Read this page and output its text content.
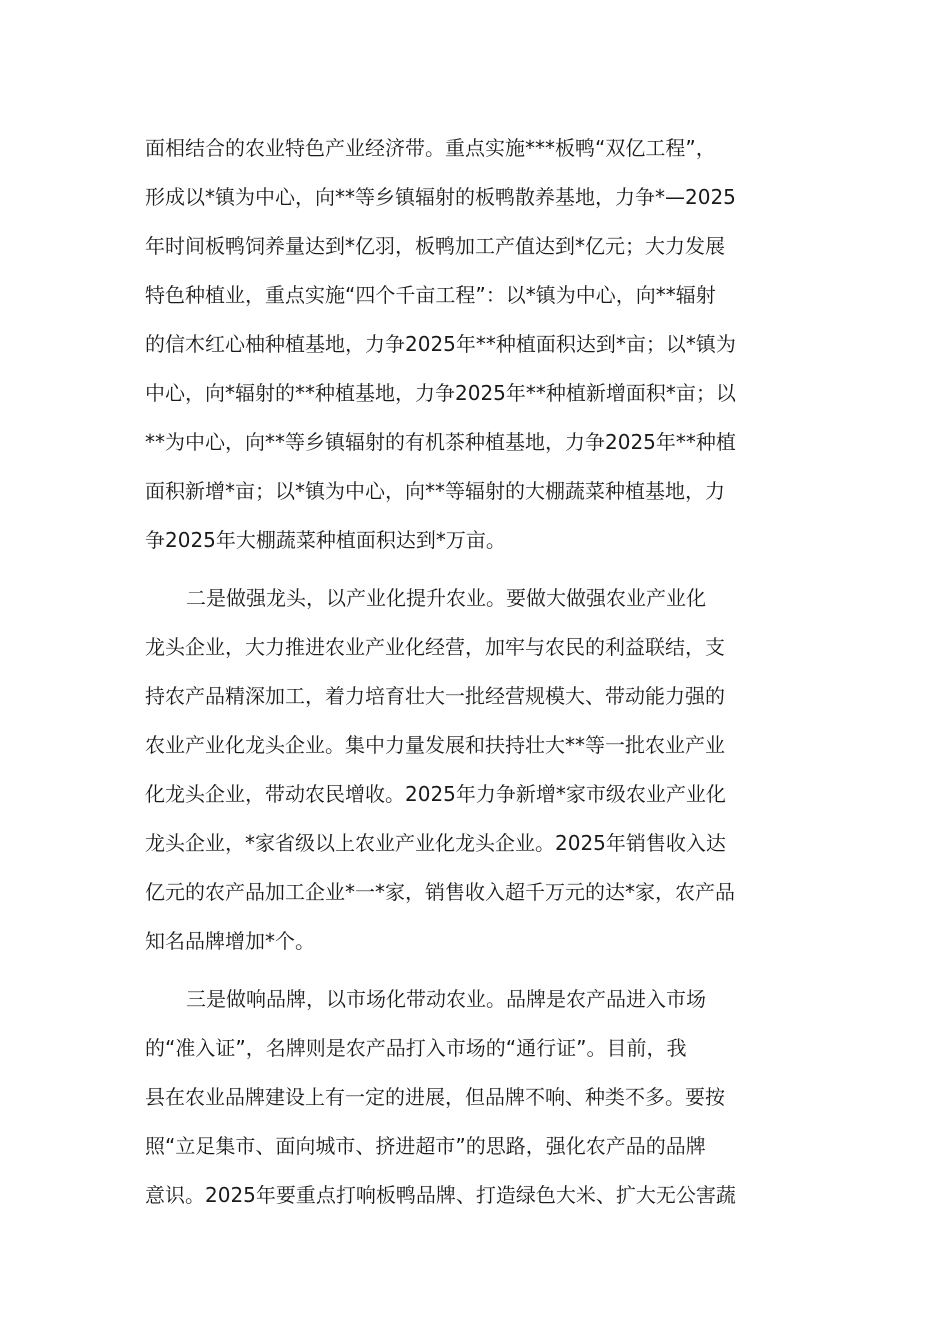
面相结合的农业特色产业经济带。重点实施***板鸭“双亿工程”，
形成以*镇为中心，向**等乡镇辐射的板鸭散养基地，力争*—2025
年时间板鸭饲养量达到*亿羽，板鸭加工产值达到*亿元；大力发展
特色种植业，重点实施“四个千亩工程”：以*镇为中心，向**辐射
的信木红心柚种植基地，力争2025年**种植面积达到*亩；以*镇为
中心，向*辐射的**种植基地，力争2025年**种植新增面积*亩；以
**为中心，向**等乡镇辐射的有机茶种植基地，力争2025年**种植
面积新增*亩；以*镇为中心，向**等辐射的大棚蔬菜种植基地，力
争2025年大棚蔬菜种植面积达到*万亩。
二是做强龙头，以产业化提升农业。要做大做强农业产业化
龙头企业，大力推进农业产业化经营，加牢与农民的利益联结，支
持农产品精深加工，着力培育壮大一批经营规模大、带动能力强的
农业产业化龙头企业。集中力量发展和扶持壮大**等一批农业产业
化龙头企业，带动农民增收。2025年力争新增*家市级农业产业化
龙头企业，*家省级以上农业产业化龙头企业。2025年销售收入达
亿元的农产品加工企业*一*家，销售收入超千万元的达*家，农产品
知名品牌增加*个。
三是做响品牌，以市场化带动农业。品牌是农产品进入市场
的“准入证”，名牌则是农产品打入市场的“通行证”。目前，我
县在农业品牌建设上有一定的进展，但品牌不响、种类不多。要按
照“立足集市、面向城市、挤进超市”的思路，强化农产品的品牌
意识。2025年要重点打响板鸭品牌、打造绿色大米、扩大无公害蔬
